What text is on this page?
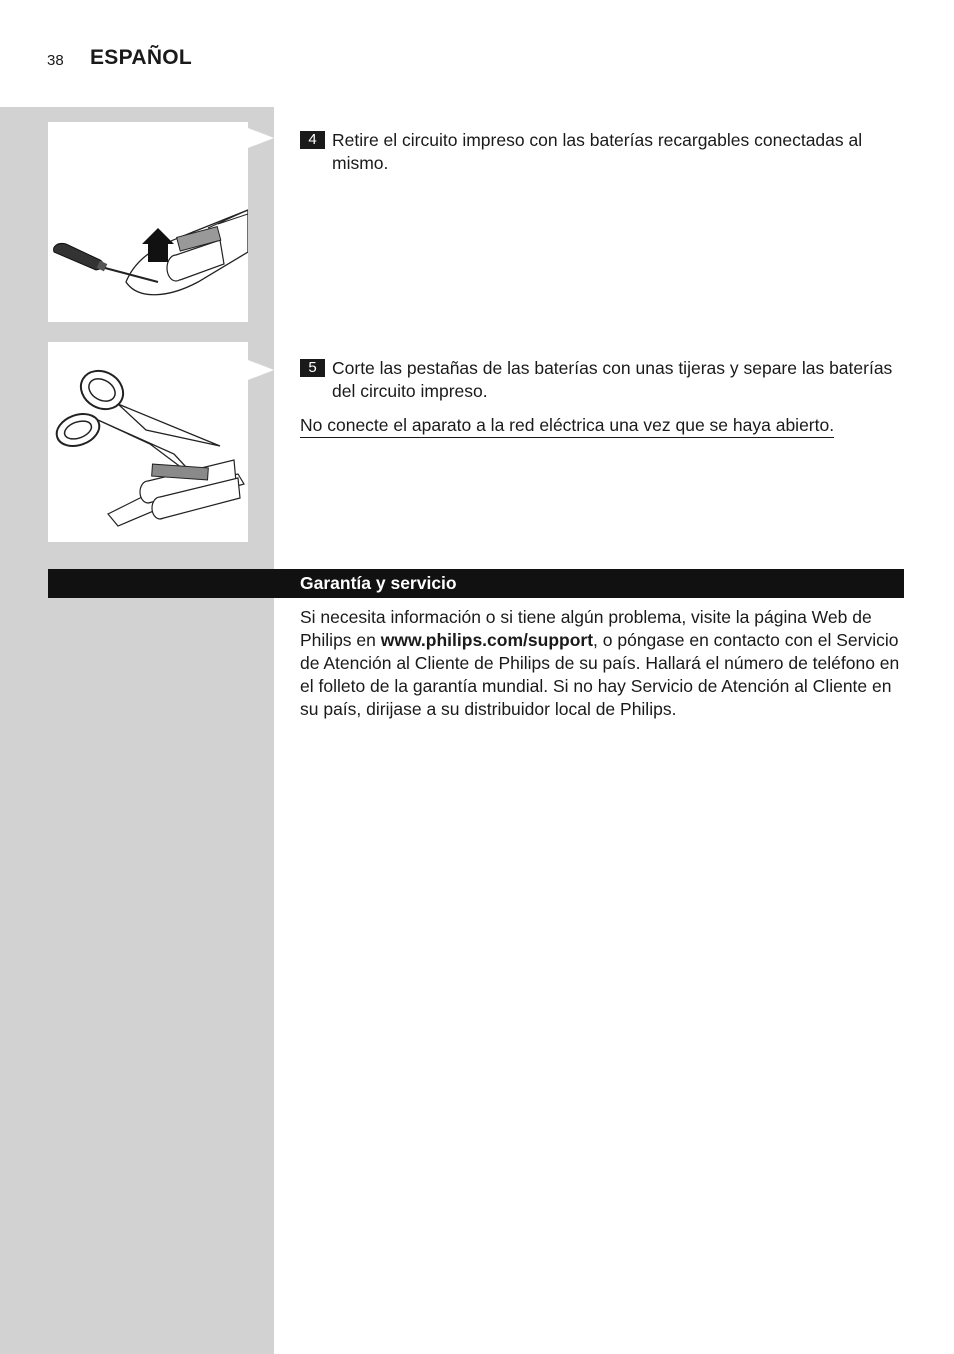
38 ESPAÑOL
4 Retire el circuito impreso con las baterías recargables conectadas al mismo.
5 Corte las pestañas de las baterías con unas tijeras y separe las baterías del circuito impreso.
No conecte el aparato a la red eléctrica una vez que se haya abierto.
Garantía y servicio
Si necesita información o si tiene algún problema, visite la página Web de Philips en www.philips.com/support, o póngase en contacto con el Servicio de Atención al Cliente de Philips de su país. Hallará el número de teléfono en el folleto de la garantía mundial. Si no hay Servicio de Atención al Cliente en su país, dirĳase a su distribuidor local de Philips.
